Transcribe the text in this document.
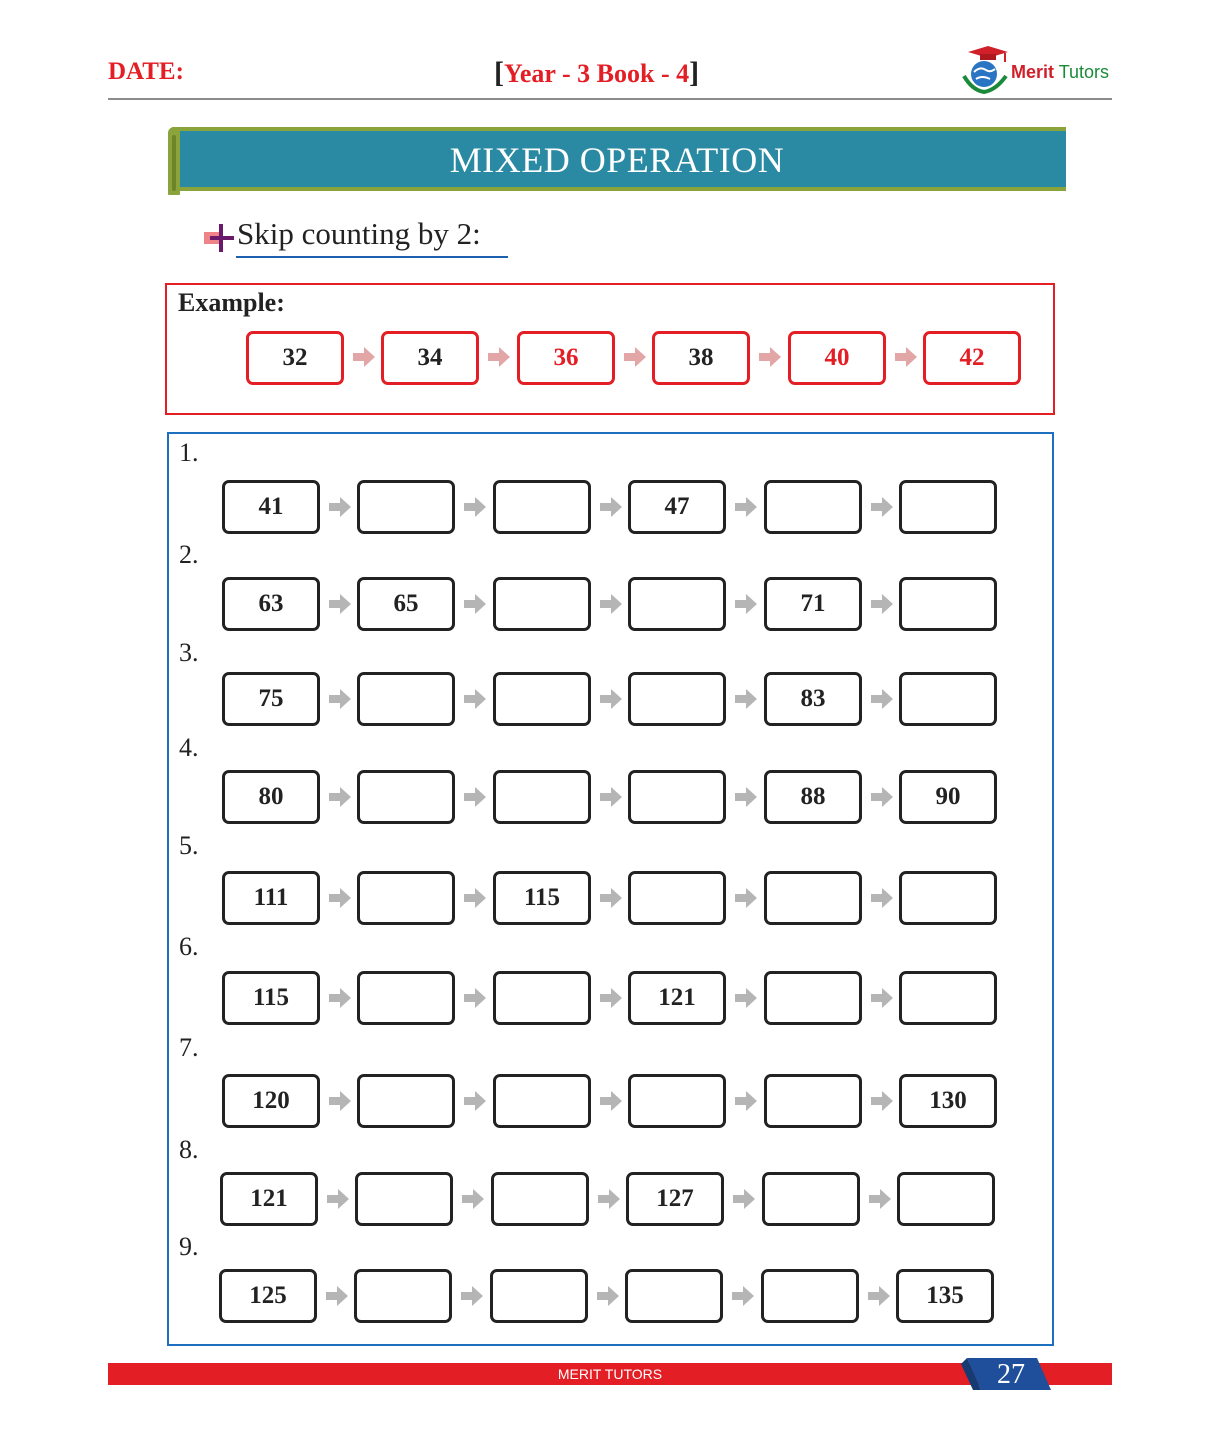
DATE:	[Year - 3 Book - 4]	Merit Tutors
MIXED OPERATION
Skip counting by 2:
Example:
32	34	36	38	40	42
1.
41	47
2.
63	65	71
3.
75	83
4.
80	88	90
5.
111	115
6.
115	121
7.
120	130
8.
121	127
9.
125	135
MERIT TUTORS	27
